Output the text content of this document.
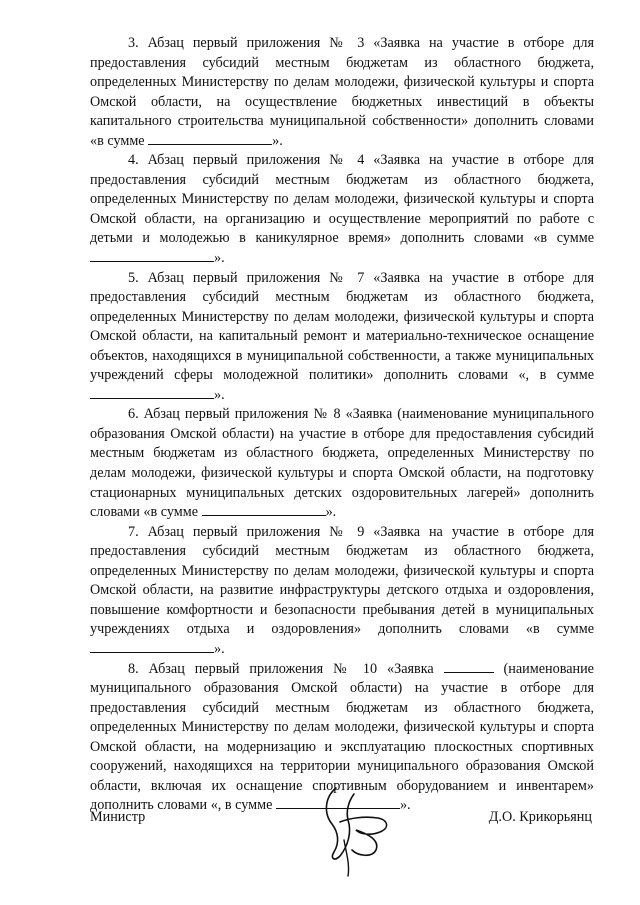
3. Абзац первый приложения № 3 «Заявка на участие в отборе для предоставления субсидий местным бюджетам из областного бюджета, определенных Министерству по делам молодежи, физической культуры и спорта Омской области, на осуществление бюджетных инвестиций в объекты капитального строительства муниципальной собственности» дополнить словами «в сумме	».

4. Абзац первый приложения № 4 «Заявка на участие в отборе для предоставления субсидий местным бюджетам из областного бюджета, определенных Министерству по делам молодежи, физической культуры и спорта Омской области, на организацию и осуществление мероприятий по работе с детьми и молодежью в каникулярное время» дополнить словами «в сумме ».

5. Абзац первый приложения № 7 «Заявка на участие в отборе для предоставления субсидий местным бюджетам из областного бюджета, определенных Министерству по делам молодежи, физической культуры и спорта Омской области, на капитальный ремонт и материально-техническое оснащение объектов, находящихся в муниципальной собственности, а также муниципальных учреждений сферы молодежной политики» дополнить словами «, в сумме ».

6. Абзац первый приложения № 8 «Заявка (наименование муниципального образования Омской области) на участие в отборе для предоставления субсидий местным бюджетам из областного бюджета, определенных Министерству по делам молодежи, физической культуры и спорта Омской области, на подготовку стационарных муниципальных детских оздоровительных лагерей» дополнить словами «в сумме	».

7. Абзац первый приложения № 9 «Заявка на участие в отборе для предоставления субсидий местным бюджетам из областного бюджета, определенных Министерству по делам молодежи, физической культуры и спорта Омской области, на развитие инфраструктуры детского отдыха и оздоровления, повышение комфортности и безопасности пребывания детей в муниципальных учреждениях отдыха и оздоровления» дополнить словами «в сумме ».

8. Абзац первый приложения № 10 «Заявка	(наименование муниципального образования Омской области) на участие в отборе для предоставления субсидий местным бюджетам из областного бюджета, определенных Министерству по делам молодежи, физической культуры и спорта Омской области, на модернизацию и эксплуатацию плоскостных спортивных сооружений, находящихся на территории муниципального образования Омской области, включая их оснащение спортивным оборудованием и инвентарем» дополнить словами «, в сумме	».

Министр	Д.О. Крикорьянц
